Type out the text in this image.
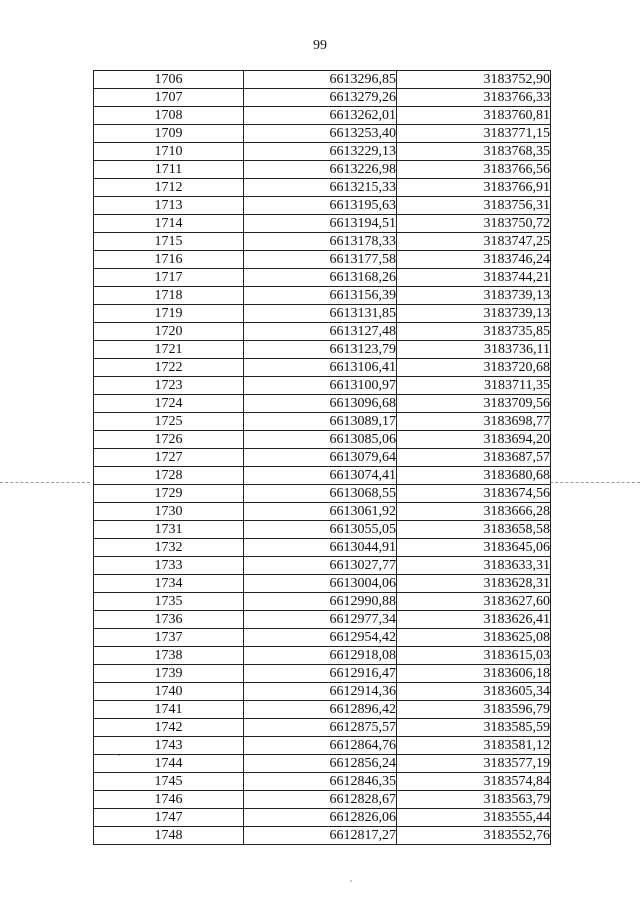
99
1706	6613296,85	3183752,90
1707	6613279,26	3183766,33
1708	6613262,01	3183760,81
1709	6613253,40	3183771,15
1710	6613229,13	3183768,35
1711	6613226,98	3183766,56
1712	6613215,33	3183766,91
1713	6613195,63	3183756,31
1714	6613194,51	3183750,72
1715	6613178,33	3183747,25
1716	6613177,58	3183746,24
1717	6613168,26	3183744,21
1718	6613156,39	3183739,13
1719	6613131,85	3183739,13
1720	6613127,48	3183735,85
1721	6613123,79	3183736,11
1722	6613106,41	3183720,68
1723	6613100,97	3183711,35
1724	6613096,68	3183709,56
1725	6613089,17	3183698,77
1726	6613085,06	3183694,20
1727	6613079,64	3183687,57
1728	6613074,41	3183680,68
1729	6613068,55	3183674,56
1730	6613061,92	3183666,28
1731	6613055,05	3183658,58
1732	6613044,91	3183645,06
1733	6613027,77	3183633,31
1734	6613004,06	3183628,31
1735	6612990,88	3183627,60
1736	6612977,34	3183626,41
1737	6612954,42	3183625,08
1738	6612918,08	3183615,03
1739	6612916,47	3183606,18
1740	6612914,36	3183605,34
1741	6612896,42	3183596,79
1742	6612875,57	3183585,59
1743	6612864,76	3183581,12
1744	6612856,24	3183577,19
1745	6612846,35	3183574,84
1746	6612828,67	3183563,79
1747	6612826,06	3183555,44
1748	6612817,27	3183552,76
